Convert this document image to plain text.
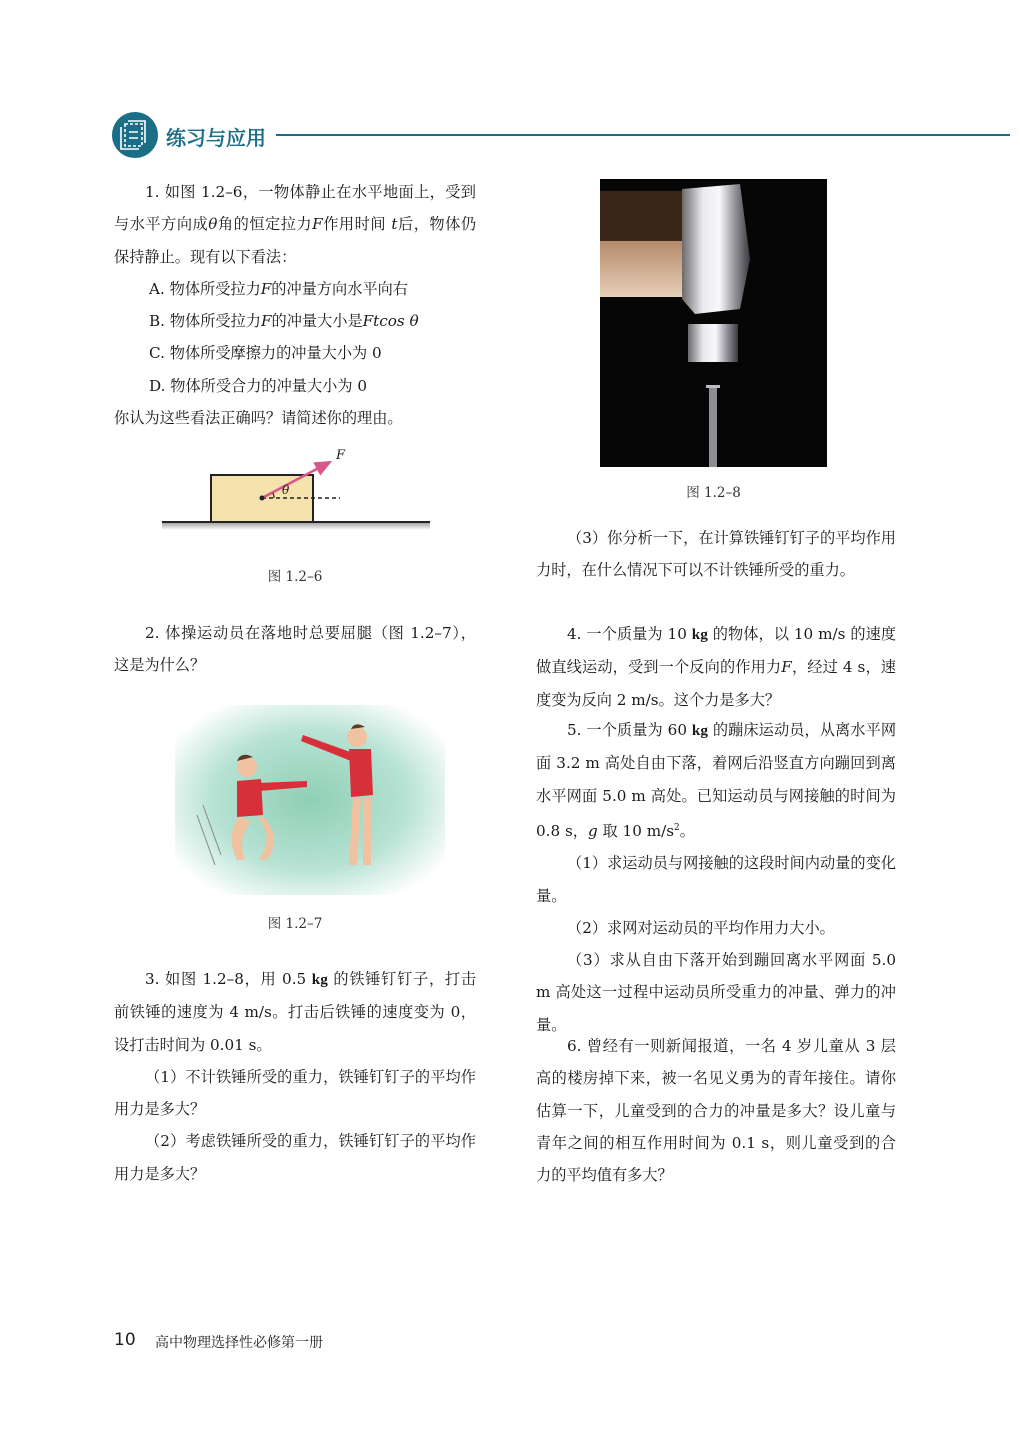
练习与应用

1. 如图 1.2–6，一物体静止在水平地面上，受到与水平方向成θ角的恒定拉力F作用时间 t后，物体仍保持静止。现有以下看法：

A. 物体所受拉力F的冲量方向水平向右

B. 物体所受拉力F的冲量大小是Ftcos θ

C. 物体所受摩擦力的冲量大小为 0

D. 物体所受合力的冲量大小为 0

你认为这些看法正确吗？请简述你的理由。

F
θ
图 1.2–6

2. 体操运动员在落地时总要屈腿（图 1.2–7），这是为什么？

图 1.2–7

3. 如图 1.2–8，用 0.5 kg 的铁锤钉钉子，打击前铁锤的速度为 4 m/s。打击后铁锤的速度变为 0，设打击时间为 0.01 s。

（1）不计铁锤所受的重力，铁锤钉钉子的平均作用力是多大？

（2）考虑铁锤所受的重力，铁锤钉钉子的平均作用力是多大？

图 1.2–8

（3）你分析一下，在计算铁锤钉钉子的平均作用力时，在什么情况下可以不计铁锤所受的重力。

4. 一个质量为 10 kg 的物体，以 10 m/s 的速度做直线运动，受到一个反向的作用力F，经过 4 s，速度变为反向 2 m/s。这个力是多大？

5. 一个质量为 60 kg 的蹦床运动员，从离水平网面 3.2 m 高处自由下落，着网后沿竖直方向蹦回到离水平网面 5.0 m 高处。已知运动员与网接触的时间为 0.8 s，g 取 10 $m/s^2$。

（1）求运动员与网接触的这段时间内动量的变化量。

（2）求网对运动员的平均作用力大小。

（3）求从自由下落开始到蹦回离水平网面 5.0 m 高处这一过程中运动员所受重力的冲量、弹力的冲量。

6. 曾经有一则新闻报道，一名 4 岁儿童从 3 层高的楼房掉下来，被一名见义勇为的青年接住。请你估算一下，儿童受到的合力的冲量是多大？设儿童与青年之间的相互作用时间为 0.1 s，则儿童受到的合力的平均值有多大？

10 高中物理选择性必修第一册
